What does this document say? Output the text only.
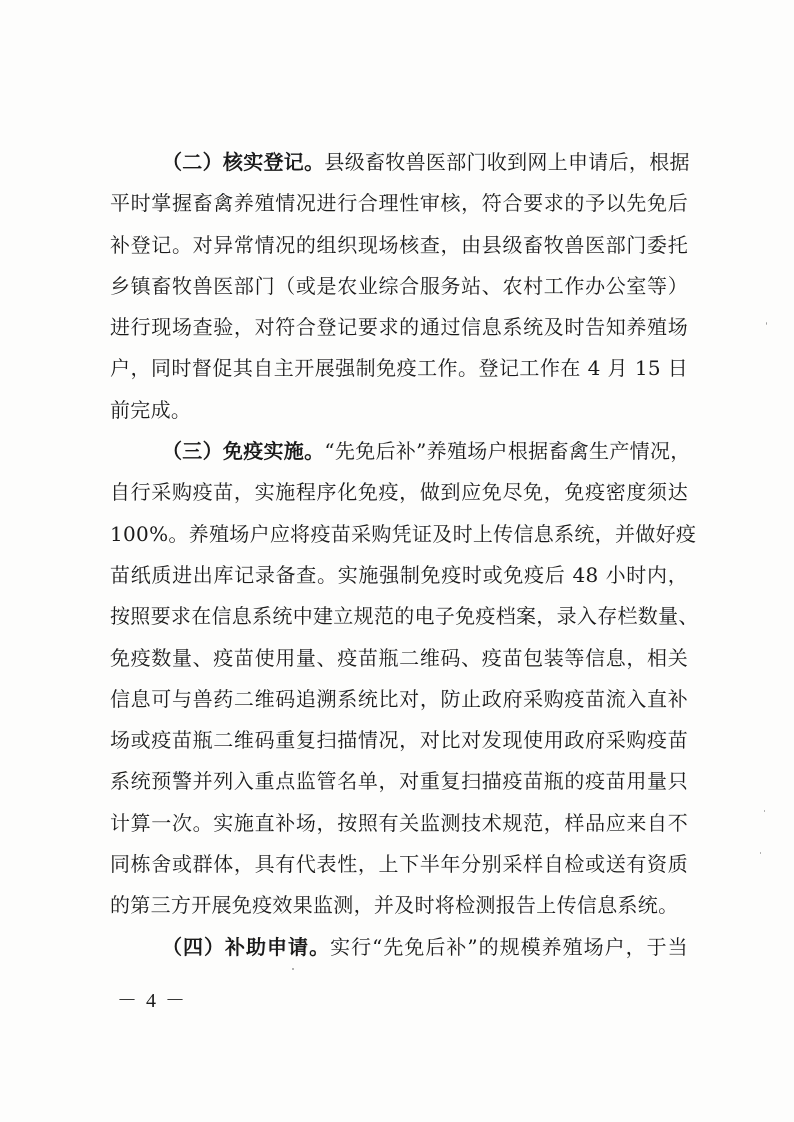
（二）核实登记。县级畜牧兽医部门收到网上申请后，根据
平时掌握畜禽养殖情况进行合理性审核，符合要求的予以先免后
补登记。对异常情况的组织现场核查，由县级畜牧兽医部门委托
乡镇畜牧兽医部门（或是农业综合服务站、农村工作办公室等）
进行现场查验，对符合登记要求的通过信息系统及时告知养殖场
户，同时督促其自主开展强制免疫工作。登记工作在 4 月 15 日
前完成。
（三）免疫实施。“先免后补”养殖场户根据畜禽生产情况，
自行采购疫苗，实施程序化免疫，做到应免尽免，免疫密度须达
100%。养殖场户应将疫苗采购凭证及时上传信息系统，并做好疫
苗纸质进出库记录备查。实施强制免疫时或免疫后 48 小时内，
按照要求在信息系统中建立规范的电子免疫档案，录入存栏数量、
免疫数量、疫苗使用量、疫苗瓶二维码、疫苗包装等信息，相关
信息可与兽药二维码追溯系统比对，防止政府采购疫苗流入直补
场或疫苗瓶二维码重复扫描情况，对比对发现使用政府采购疫苗
系统预警并列入重点监管名单，对重复扫描疫苗瓶的疫苗用量只
计算一次。实施直补场，按照有关监测技术规范，样品应来自不
同栋舍或群体，具有代表性，上下半年分别采样自检或送有资质
的第三方开展免疫效果监测，并及时将检测报告上传信息系统。
（四）补助申请。实行“先免后补”的规模养殖场户，于当
－ 4 －
